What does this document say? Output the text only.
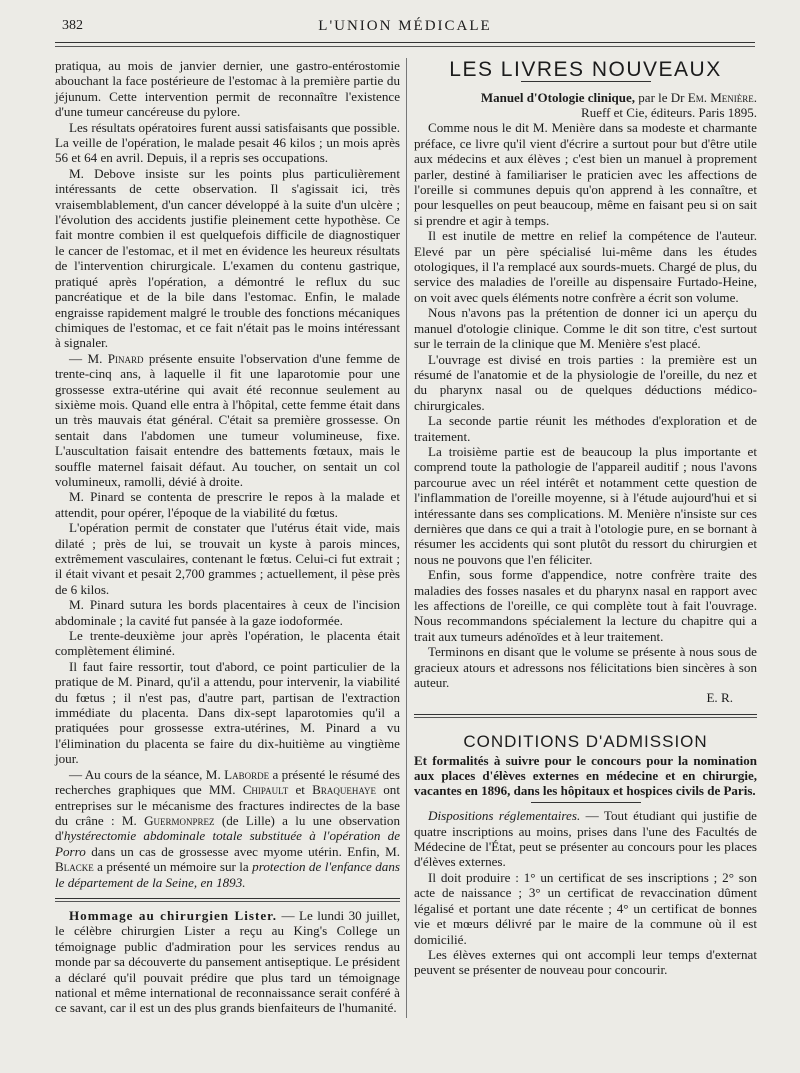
382	L'UNION MÉDICALE

pratiqua, au mois de janvier dernier, une gastro-entérostomie abouchant la face postérieure de l'estomac à la première partie du jéjunum. Cette intervention permit de reconnaître l'existence d'une tumeur cancéreuse du pylore.

Les résultats opératoires furent aussi satisfaisants que possible. La veille de l'opération, le malade pesait 46 kilos ; un mois après 56 et 64 en avril. Depuis, il a repris ses occupations.

M. Debove insiste sur les points plus particulièrement intéressants de cette observation. Il s'agissait ici, très vraisemblablement, d'un cancer développé à la suite d'un ulcère ; l'évolution des accidents justifie pleinement cette hypothèse. Ce fait montre combien il est quelquefois difficile de diagnostiquer le cancer de l'estomac, et il met en évidence les heureux résultats de l'intervention chirurgicale. L'examen du contenu gastrique, pratiqué après l'opération, a démontré le reflux du suc pancréatique et de la bile dans l'estomac. Enfin, le malade engraisse rapidement malgré le trouble des fonctions mécaniques chimiques de l'estomac, et ce fait n'était pas le moins intéressant à signaler.

— M. Pinard présente ensuite l'observation d'une femme de trente-cinq ans, à laquelle il fit une laparotomie pour une grossesse extra-utérine qui avait été reconnue seulement au sixième mois. Quand elle entra à l'hôpital, cette femme était dans un très mauvais état général. C'était sa première grossesse. On sentait dans l'abdomen une tumeur volumineuse, fixe. L'auscultation faisait entendre des battements fœtaux, mais le souffle maternel faisait défaut. Au toucher, on sentait un col volumineux, ramolli, dévié à droite.

M. Pinard se contenta de prescrire le repos à la malade et attendit, pour opérer, l'époque de la viabilité du fœtus.

L'opération permit de constater que l'utérus était vide, mais dilaté ; près de lui, se trouvait un kyste à parois minces, extrêmement vasculaires, contenant le fœtus. Celui-ci fut extrait ; il était vivant et pesait 2,700 grammes ; actuellement, il pèse près de 6 kilos.

M. Pinard sutura les bords placentaires à ceux de l'incision abdominale ; la cavité fut pansée à la gaze iodoformée.

Le trente-deuxième jour après l'opération, le placenta était complètement éliminé.

Il faut faire ressortir, tout d'abord, ce point particulier de la pratique de M. Pinard, qu'il a attendu, pour intervenir, la viabilité du fœtus ; il n'est pas, d'autre part, partisan de l'extraction immédiate du placenta. Dans dix-sept laparotomies qu'il a pratiquées pour grossesse extra-utérines, M. Pinard a vu l'élimination du placenta se faire du dix-huitième au vingtième jour.

— Au cours de la séance, M. Laborde a présenté le résumé des recherches graphiques que MM. Chipault et Braquehaye ont entreprises sur le mécanisme des fractures indirectes de la base du crâne : M. Guermonprez (de Lille) a lu une observation d'hystérectomie abdominale totale substituée à l'opération de Porro dans un cas de grossesse avec myome utérin. Enfin, M. Blacke a présenté un mémoire sur la protection de l'enfance dans le département de la Seine, en 1893.

Hommage au chirurgien Lister. — Le lundi 30 juillet, le célèbre chirurgien Lister a reçu au King's College un témoignage public d'admiration pour les services rendus au monde par sa découverte du pansement antiseptique. Le président a déclaré qu'il pouvait prédire que plus tard un témoignage national et même international de reconnaissance serait conféré à ce savant, car il est un des plus grands bienfaiteurs de l'humanité.

LES LIVRES NOUVEAUX
Manuel d'Otologie clinique, par le Dr Em. Menière.
Rueff et Cie, éditeurs. Paris 1895.

Comme nous le dit M. Menière dans sa modeste et charmante préface, ce livre qu'il vient d'écrire a surtout pour but d'être utile aux médecins et aux élèves ; c'est bien un manuel à proprement parler, destiné à familiariser le praticien avec les affections de l'oreille si communes depuis qu'on apprend à les connaître, et pour lesquelles on peut beaucoup, même en faisant peu si on sait si prendre et agir à temps.

Il est inutile de mettre en relief la compétence de l'auteur. Elevé par un père spécialisé lui-même dans les études otologiques, il l'a remplacé aux sourds-muets. Chargé de plus, du service des maladies de l'oreille au dispensaire Furtado-Heine, on voit avec quels éléments notre confrère a écrit son volume.

Nous n'avons pas la prétention de donner ici un aperçu du manuel d'otologie clinique. Comme le dit son titre, c'est surtout sur le terrain de la clinique que M. Menière s'est placé.

L'ouvrage est divisé en trois parties : la première est un résumé de l'anatomie et de la physiologie de l'oreille, du nez et du pharynx nasal ou de quelques déductions médico-chirurgicales.

La seconde partie réunit les méthodes d'exploration et de traitement.

La troisième partie est de beaucoup la plus importante et comprend toute la pathologie de l'appareil auditif ; nous l'avons parcourue avec un réel intérêt et notamment cette question de l'inflammation de l'oreille moyenne, si à l'étude aujourd'hui et si intéressante dans ses complications. M. Menière n'insiste sur ces dernières que dans ce qui a trait à l'otologie pure, en se bornant à résumer les accidents qui sont plutôt du ressort du chirurgien et nous ne pouvons que l'en féliciter.

Enfin, sous forme d'appendice, notre confrère traite des maladies des fosses nasales et du pharynx nasal en rapport avec les affections de l'oreille, ce qui complète tout à fait l'ouvrage. Nous recommandons spécialement la lecture du chapitre qui a trait aux tumeurs adénoïdes et à leur traitement.

Terminons en disant que le volume se présente à nous sous de gracieux atours et adressons nos félicitations bien sincères à son auteur.

E. R.
CONDITIONS D'ADMISSION
Et formalités à suivre pour le concours pour la nomination aux places d'élèves externes en médecine et en chirurgie, vacantes en 1896, dans les hôpitaux et hospices civils de Paris.

Dispositions réglementaires. — Tout étudiant qui justifie de quatre inscriptions au moins, prises dans l'une des Facultés de Médecine de l'État, peut se présenter au concours pour les places d'élèves externes.

Il doit produire : 1° un certificat de ses inscriptions ; 2° son acte de naissance ; 3° un certificat de revaccination dûment légalisé et portant une date récente ; 4° un certificat de bonnes vie et mœurs délivré par le maire de la commune où il est domicilié.

Les élèves externes qui ont accompli leur temps d'externat peuvent se présenter de nouveau pour concourir.
